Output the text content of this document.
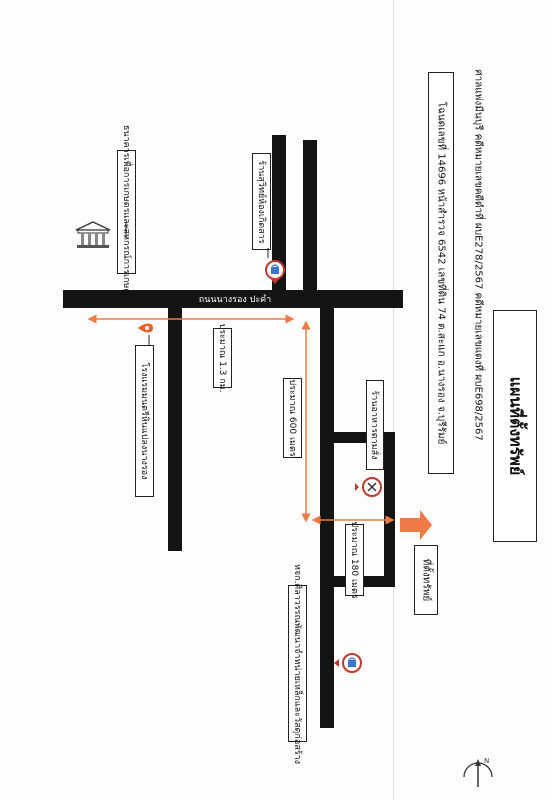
แผนที่ตั้งทรัพย์
ศาลแพ่งมีนบุรี คดีหมายเลขคดีดำที่ ผบE278/2567 คดีหมายเลขแดงที่ ผบE698/2567
โฉนดเลขที่ 14696 หน้าสำรวจ 6542 เลขที่ดิน 74 ต.สะแก อ.นางรอง จ.บุรีรัมย์
ถนนนางรอง ปะคำ
ประมาณ 1.3 กม.
ประมาณ 600 เมตร
ประมาณ 180 เมตร
ธนาคารเพื่อการเกษตรและสหกรณ์การเกษตร	ร้านสุวิทย์ห้องเกิดสาร
โรงแรมมนตรีหินแปลงนางรอง	ร้านอาหารตามสั่ง
ที่ตั้งทรัพย์
หจก.ศิลาวรรณพัฒนาจำหน่ายเหล็กและวัสดุก่อสร้าง	N
